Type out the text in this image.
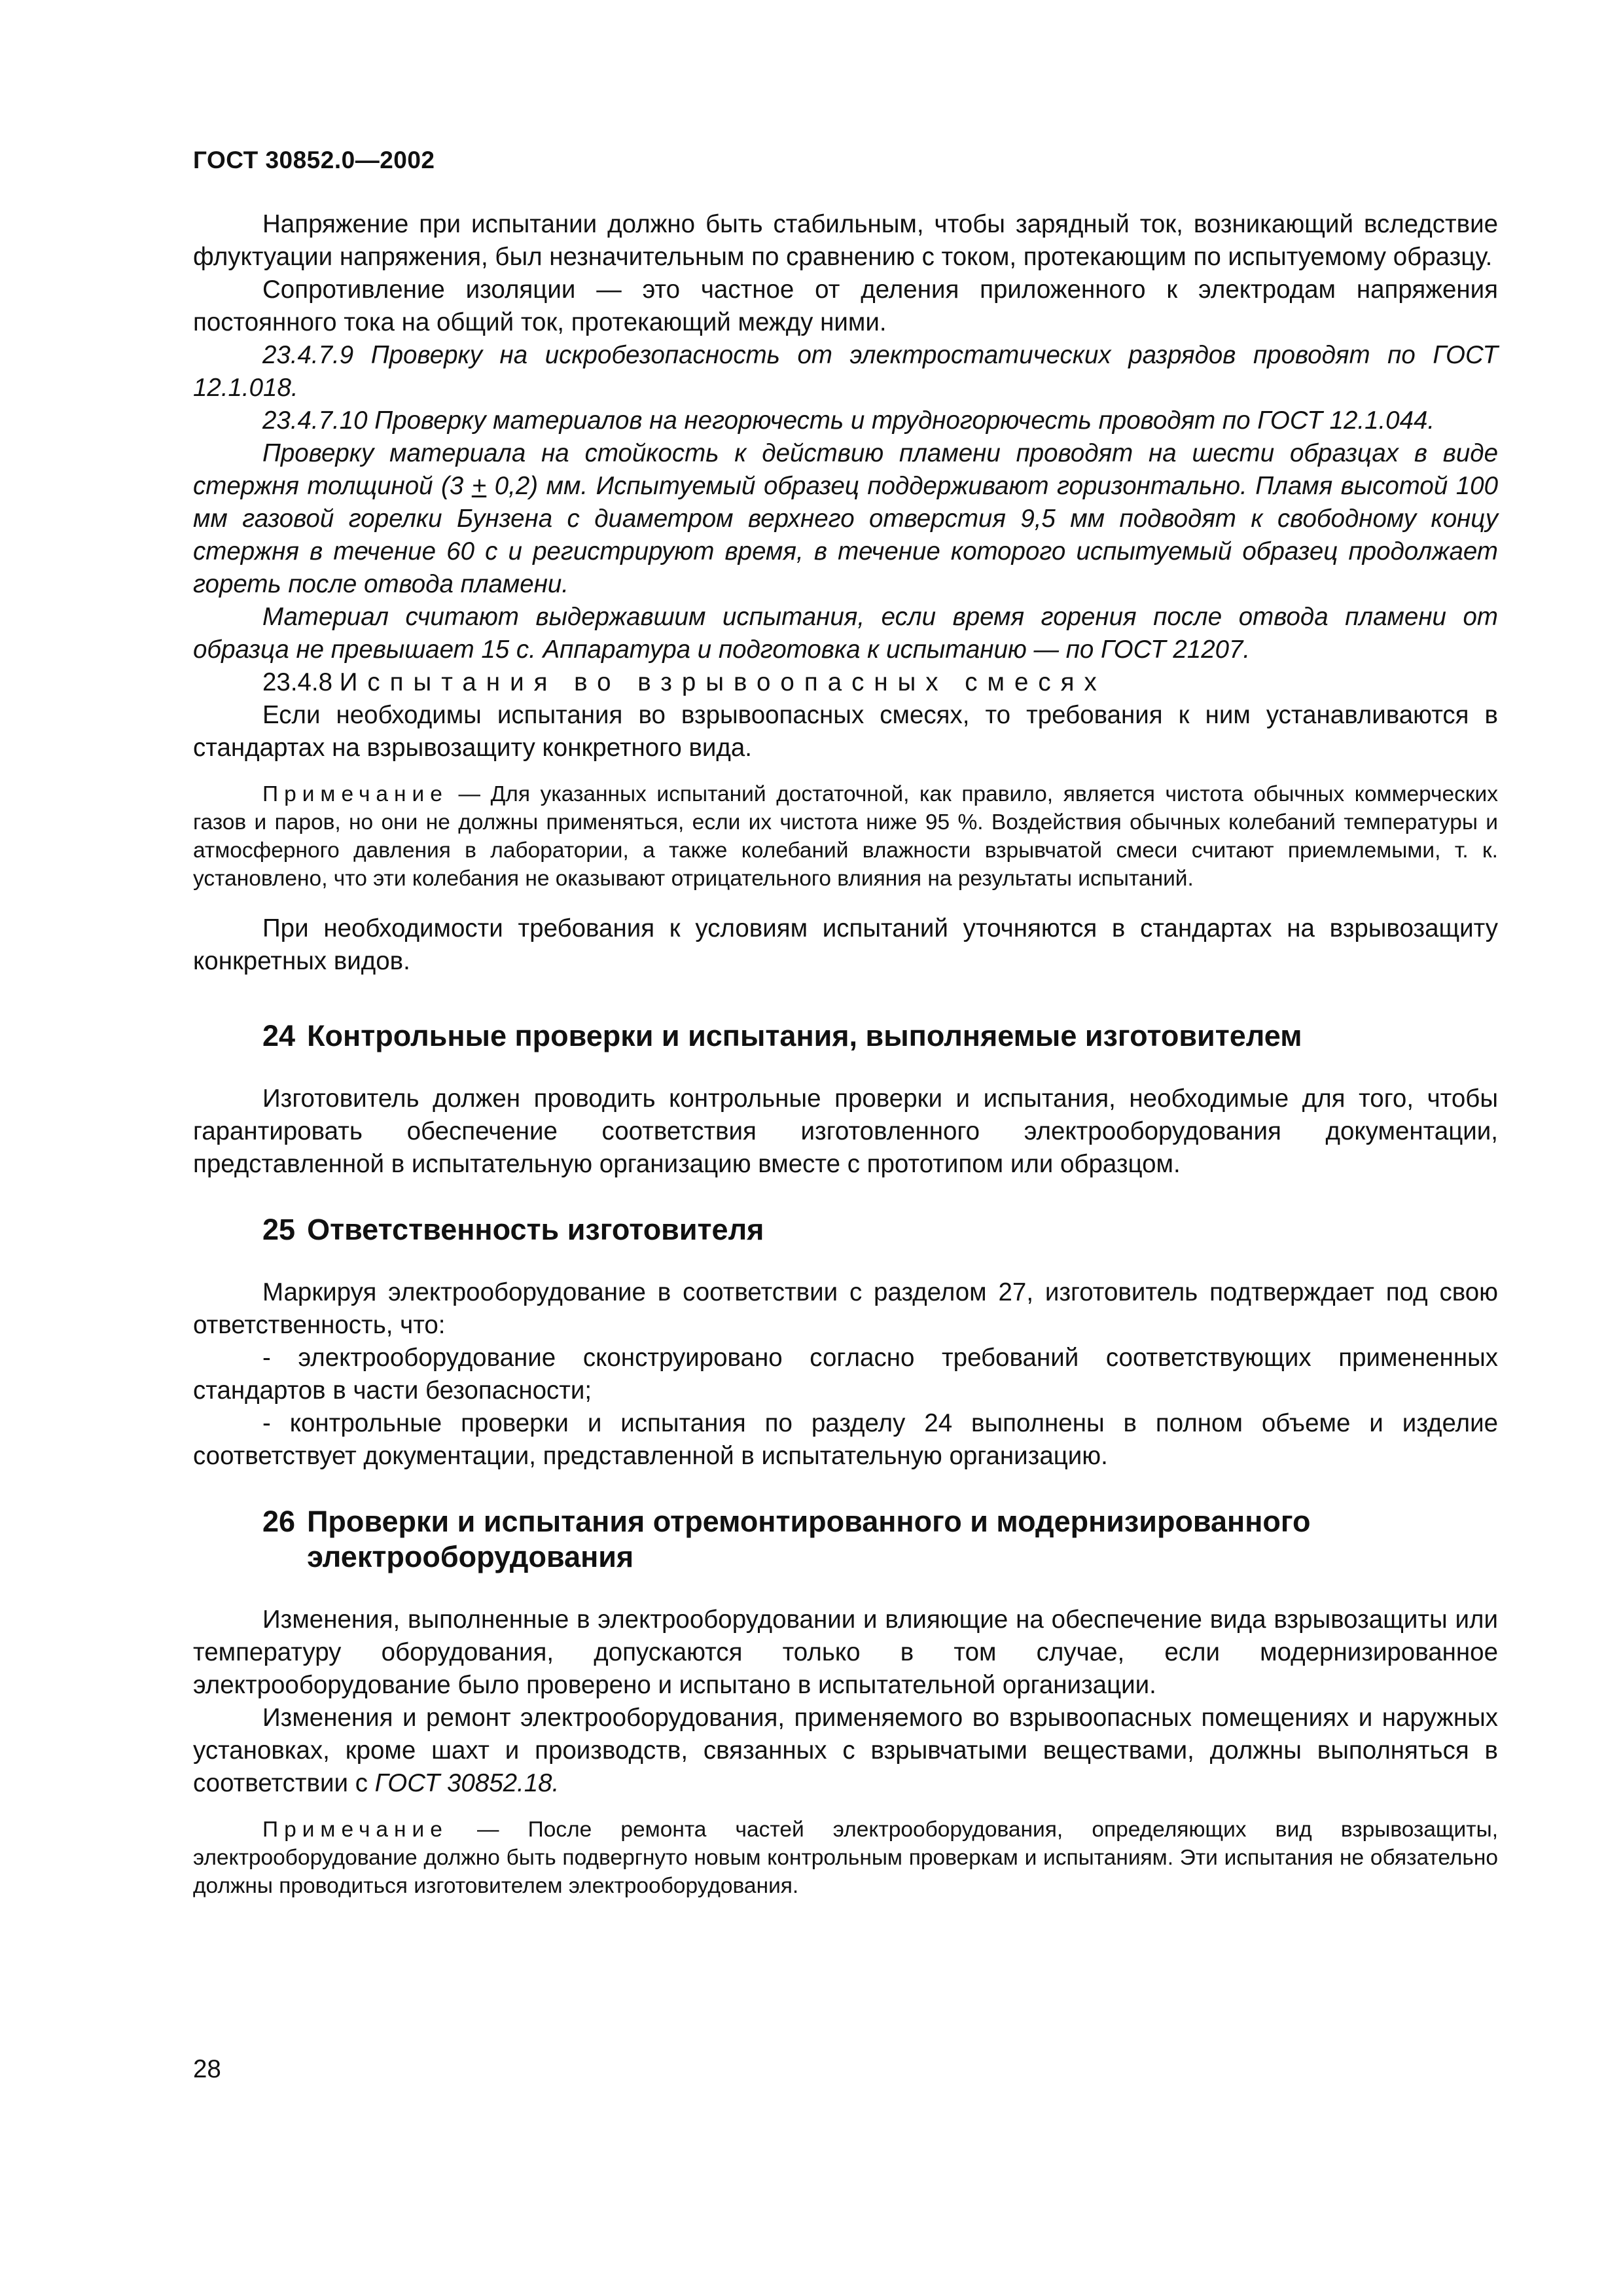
ГОСТ 30852.0—2002

Напряжение при испытании должно быть стабильным, чтобы зарядный ток, возникающий вследствие флуктуации напряжения, был незначительным по сравнению с током, протекающим по испытуемому образцу.

Сопротивление изоляции — это частное от деления приложенного к электродам напряжения постоянного тока на общий ток, протекающий между ними.

23.4.7.9 Проверку на искробезопасность от электростатических разрядов проводят по ГОСТ 12.1.018.

23.4.7.10 Проверку материалов на негорючесть и трудногорючесть проводят по ГОСТ 12.1.044.

Проверку материала на стойкость к действию пламени проводят на шести образцах в виде стержня толщиной (3 + 0,2) мм. Испытуемый образец поддерживают горизонтально. Пламя высотой 100 мм газовой горелки Бунзена с диаметром верхнего отверстия 9,5 мм подводят к свободному концу стержня в течение 60 с и регистрируют время, в течение которого испытуемый образец продолжает гореть после отвода пламени.

Материал считают выдержавшим испытания, если время горения после отвода пламени от образца не превышает 15 с. Аппаратура и подготовка к испытанию — по ГОСТ 21207.

23.4.8 Испытания во взрывоопасных смесях

Если необходимы испытания во взрывоопасных смесях, то требования к ним устанавливаются в стандартах на взрывозащиту конкретного вида.

Примечание — Для указанных испытаний достаточной, как правило, является чистота обычных коммерческих газов и паров, но они не должны применяться, если их чистота ниже 95 %. Воздействия обычных колебаний температуры и атмосферного давления в лаборатории, а также колебаний влажности взрывчатой смеси считают приемлемыми, т. к. установлено, что эти колебания не оказывают отрицательного влияния на результаты испытаний.

При необходимости требования к условиям испытаний уточняются в стандартах на взрывозащиту конкретных видов.

24 Контрольные проверки и испытания, выполняемые изготовителем

Изготовитель должен проводить контрольные проверки и испытания, необходимые для того, чтобы гарантировать обеспечение соответствия изготовленного электрооборудования документации, представленной в испытательную организацию вместе с прототипом или образцом.

25 Ответственность изготовителя

Маркируя электрооборудование в соответствии с разделом 27, изготовитель подтверждает под свою ответственность, что:

- электрооборудование сконструировано согласно требований соответствующих примененных стандартов в части безопасности;

- контрольные проверки и испытания по разделу 24 выполнены в полном объеме и изделие соответствует документации, представленной в испытательную организацию.

26 Проверки и испытания отремонтированного и модернизированного электрооборудования

Изменения, выполненные в электрооборудовании и влияющие на обеспечение вида взрывозащиты или температуру оборудования, допускаются только в том случае, если модернизированное электрооборудование было проверено и испытано в испытательной организации.

Изменения и ремонт электрооборудования, применяемого во взрывоопасных помещениях и наружных установках, кроме шахт и производств, связанных с взрывчатыми веществами, должны выполняться в соответствии с ГОСТ 30852.18.

Примечание — После ремонта частей электрооборудования, определяющих вид взрывозащиты, электрооборудование должно быть подвергнуто новым контрольным проверкам и испытаниям. Эти испытания не обязательно должны проводиться изготовителем электрооборудования.
28
